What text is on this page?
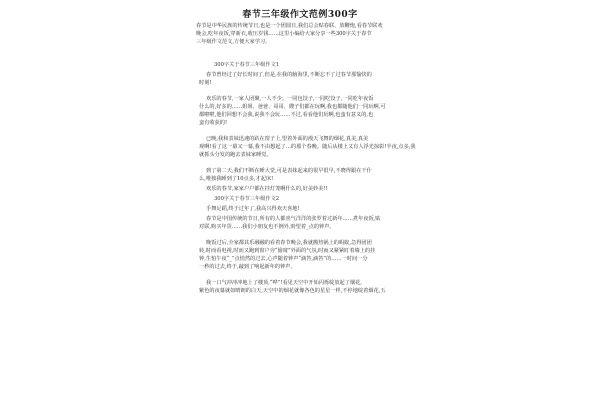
春节三年级作文范例300字
春节是中华民族的传统节日,也是一个团圆日,我们总会贴春联、放鞭炮,看春节联欢
晚会,吃年夜饭,穿新衣,收压岁钱……这里小编给大家分享一些300字关于春节
三年级作文范文,方便大家学习。
300字关于春节三年级作文1
春节曾经过了好长时间了,但是,在我的脑海里,不断忘不了过春节那愉快的
时刻!
欢乐的春节,一家人团聚,一人不少。一同包饺子,一同吃饺子,一同吃年夜饭
什么的,好多的……姐姐、爸爸、哥哥、嫂子们都在玩啊,我也都随他们一同玩啊,可
都啦啦,他们回想不会我,说我不会玩……不过,看看他们玩啊,也蛮有意义的,也
蛮有收获的!
已晚,我和表妹迅速的趴在窗子上,望着外面的漫天飞舞的烟花,真美,真美
观啊!看了这一幕又一幕,我不由想起了…的那个春晚。随后从楼上又有人浮光掠影!半夜,点多,我
就抓头分发的跑去表妹家睡觉。
到了第二天,我们不断在睡大觉,可是表妹起来的很早很早,不晓得跟在干什
么,唯独我睡到了10点多,才起床!
欢乐的春节,家家户户都在挂灯笼啊什么的,好美妙美!!
300字关于春节三年级作文2
手舞足蹈,终于过年了,我高兴得欢天喜地!
春节是中国传统的节日,所有的人都喜气洋洋的张罗着过新年……煮年夜饭,贴
对联,购买年货……我们小朋友也不例外,盼望着_点的钟声。
晚饭过后,全家都其乐融融的看着春节晚会,我就搬热锅上的蚂蚁,急得团团
转,时而看电视,时而又跑到窗户旁“偷窥”外面的气氛,时而又紧紧盯着墙上的挂
钟,生怕午夜“_”点悄然的过去,心声随着钟声“滴答,滴答”的……一时间一分
一秒的过去,终于,敲到了响起新年的钟声。
我一口气冲冲冲地上了楼顶,“哗”!看见天空中开始闪烁绽放起了烟花,
紫色的夜幕就如晴朗的白天,天空中的烟花就像各色的星星一样,不停地绽着烟花,五
